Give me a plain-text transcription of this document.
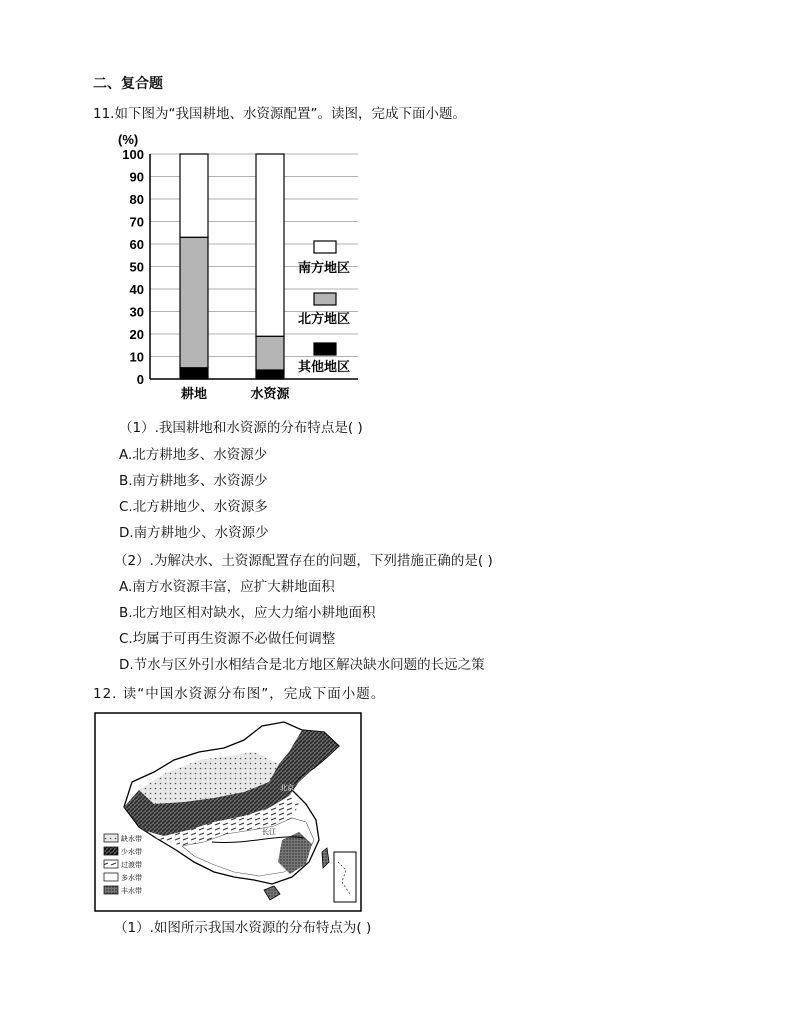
二、复合题
11.如下图为“我国耕地、水资源配置”。读图，完成下面小题。
0
10
20
30
40
50
60
70
80
90
100
耕地	水资源
(%)
南方地区
北方地区
其他地区
（1）.我国耕地和水资源的分布特点是( )
A.北方耕地多、水资源少
B.南方耕地多、水资源少
C.北方耕地少、水资源多
D.南方耕地少、水资源少
（2）.为解决水、土资源配置存在的问题，下列措施正确的是( )
A.南方水资源丰富，应扩大耕地面积
B.北方地区相对缺水，应大力缩小耕地面积
C.均属于可再生资源不必做任何调整
D.节水与区外引水相结合是北方地区解决缺水问题的长远之策
12. 读“中国水资源分布图”，完成下面小题。
长江
北京
缺水带
少水带
过渡带
多水带
丰水带
（1）.如图所示我国水资源的分布特点为( )
